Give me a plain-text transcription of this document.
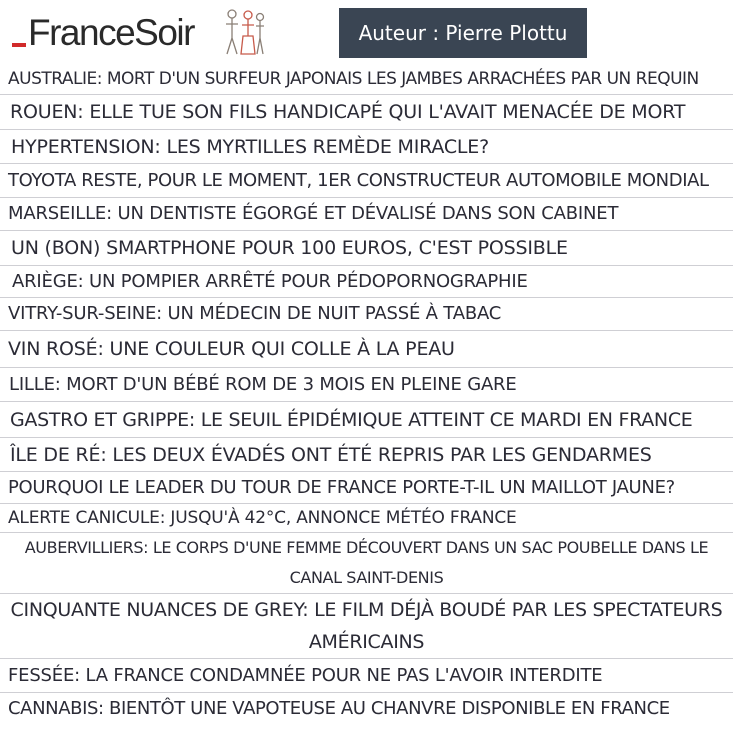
FranceSoir	Auteur : Pierre Plottu
AUSTRALIE: MORT D'UN SURFEUR JAPONAIS LES JAMBES ARRACHÉES PAR UN REQUIN
ROUEN: ELLE TUE SON FILS HANDICAPÉ QUI L'AVAIT MENACÉE DE MORT
HYPERTENSION: LES MYRTILLES REMÈDE MIRACLE?
TOYOTA RESTE, POUR LE MOMENT, 1ER CONSTRUCTEUR AUTOMOBILE MONDIAL
MARSEILLE: UN DENTISTE ÉGORGÉ ET DÉVALISÉ DANS SON CABINET
UN (BON) SMARTPHONE POUR 100 EUROS, C'EST POSSIBLE
ARIÈGE: UN POMPIER ARRÊTÉ POUR PÉDOPORNOGRAPHIE
VITRY-SUR-SEINE: UN MÉDECIN DE NUIT PASSÉ À TABAC
VIN ROSÉ: UNE COULEUR QUI COLLE À LA PEAU
LILLE: MORT D'UN BÉBÉ ROM DE 3 MOIS EN PLEINE GARE
GASTRO ET GRIPPE: LE SEUIL ÉPIDÉMIQUE ATTEINT CE MARDI EN FRANCE
ÎLE DE RÉ: LES DEUX ÉVADÉS ONT ÉTÉ REPRIS PAR LES GENDARMES
POURQUOI LE LEADER DU TOUR DE FRANCE PORTE-T-IL UN MAILLOT JAUNE?
ALERTE CANICULE: JUSQU'À 42°C, ANNONCE MÉTÉO FRANCE
AUBERVILLIERS: LE CORPS D'UNE FEMME DÉCOUVERT DANS UN SAC POUBELLE DANS LE CANAL SAINT-DENIS
CINQUANTE NUANCES DE GREY: LE FILM DÉJÀ BOUDÉ PAR LES SPECTATEURS AMÉRICAINS
FESSÉE: LA FRANCE CONDAMNÉE POUR NE PAS L'AVOIR INTERDITE
CANNABIS: BIENTÔT UNE VAPOTEUSE AU CHANVRE DISPONIBLE EN FRANCE
